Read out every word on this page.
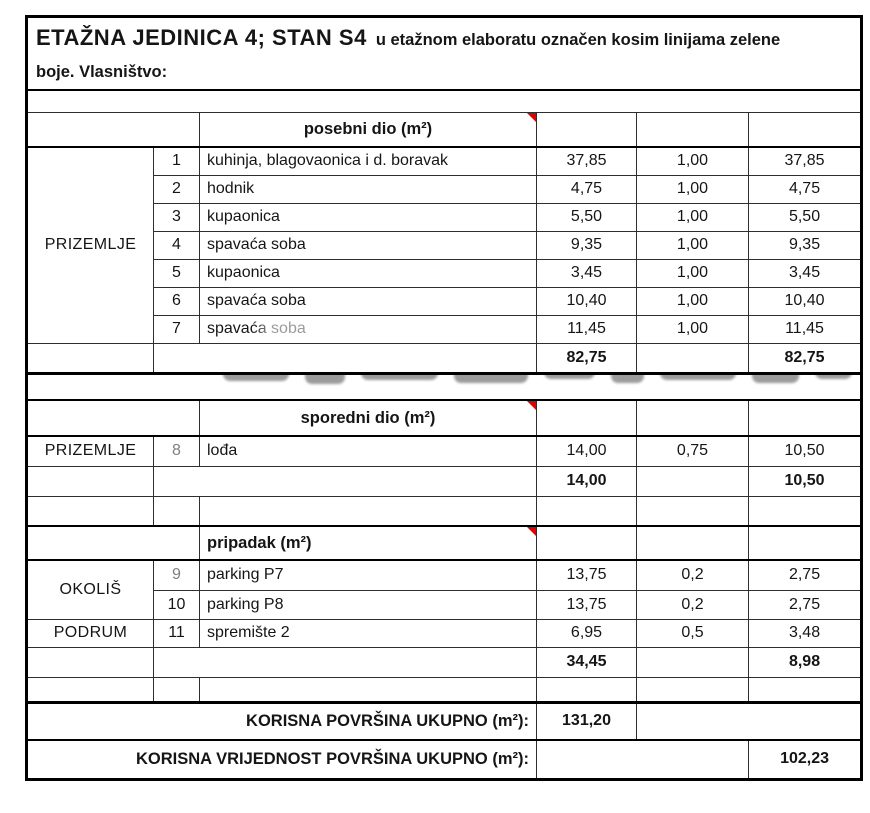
ETAŽNA JEDINICA 4; STAN S4 u etažnom elaboratu označen kosim linijama zelene
boje. Vlasništvo:					

		posebni dio (m²)

PRIZEMLJE	1	kuhinja, blagovaonica i d. boravak	37,85	1,00	37,85
	2	hodnik	4,75	1,00	4,75
	3	kupaonica	5,50	1,00	5,50
	4	spavaća soba	9,35	1,00	9,35
	5	kupaonica	3,45	1,00	3,45
	6	spavaća soba	10,40	1,00	10,40
	7	spavaća soba	11,45	1,00	11,45
			82,75		82,75

		sporedni dio (m²)

PRIZEMLJE	8	lođa	14,00	0,75	10,50
			14,00		10,50

		pripadak (m²)

OKOLIŠ	9	parking P7	13,75	0,2	2,75
	10	parking P8	13,75	0,2	2,75
PODRUM	11	spremište 2	6,95	0,5	3,48
			34,45		8,98

KORISNA POVRŠINA UKUPNO (m²):			131,20		
KORISNA VRIJEDNOST POVRŠINA UKUPNO (m²):					102,23
